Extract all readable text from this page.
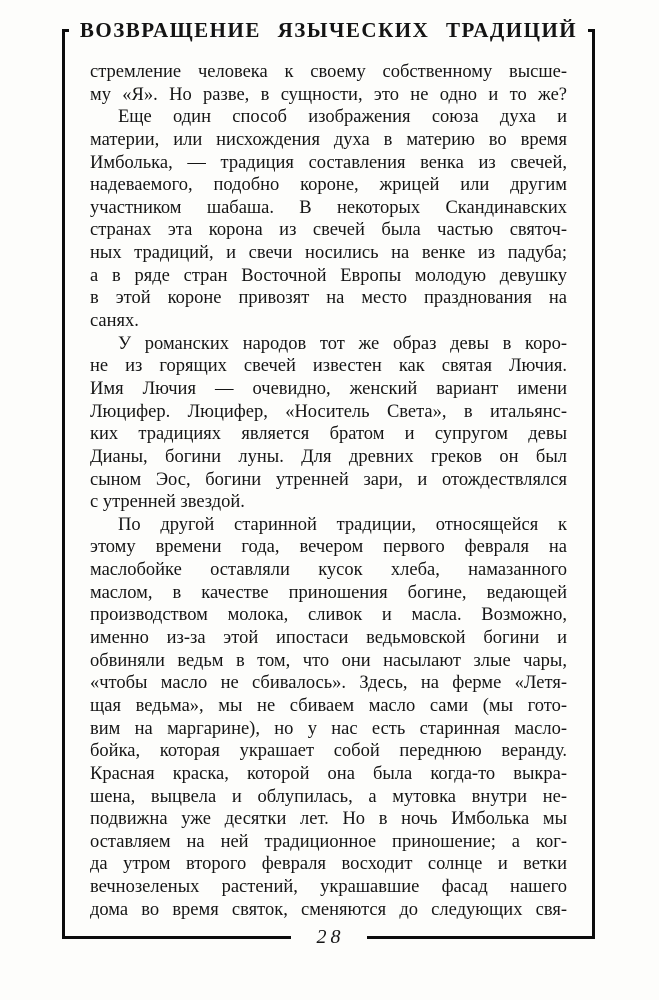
ВОЗВРАЩЕНИЕ ЯЗЫЧЕСКИХ ТРАДИЦИЙ
стремление человека к своему собственному высше-
му «Я». Но разве, в сущности, это не одно и то же?
Еще один способ изображения союза духа и
материи, или нисхождения духа в материю во время
Имболька, — традиция составления венка из свечей,
надеваемого, подобно короне, жрицей или другим
участником шабаша. В некоторых Скандинавских
странах эта корона из свечей была частью святоч-
ных традиций, и свечи носились на венке из падуба;
а в ряде стран Восточной Европы молодую девушку
в этой короне привозят на место празднования на
санях.
У романских народов тот же образ девы в коро-
не из горящих свечей известен как святая Лючия.
Имя Лючия — очевидно, женский вариант имени
Люцифер. Люцифер, «Носитель Света», в итальянс-
ких традициях является братом и супругом девы
Дианы, богини луны. Для древних греков он был
сыном Эос, богини утренней зари, и отождествлялся
с утренней звездой.
По другой старинной традиции, относящейся к
этому времени года, вечером первого февраля на
маслобойке оставляли кусок хлеба, намазанного
маслом, в качестве приношения богине, ведающей
производством молока, сливок и масла. Возможно,
именно из-за этой ипостаси ведьмовской богини и
обвиняли ведьм в том, что они насылают злые чары,
«чтобы масло не сбивалось». Здесь, на ферме «Летя-
щая ведьма», мы не сбиваем масло сами (мы гото-
вим на маргарине), но у нас есть старинная масло-
бойка, которая украшает собой переднюю веранду.
Красная краска, которой она была когда-то выкра-
шена, выцвела и облупилась, а мутовка внутри не-
подвижна уже десятки лет. Но в ночь Имболька мы
оставляем на ней традиционное приношение; а ког-
да утром второго февраля восходит солнце и ветки
вечнозеленых растений, украшавшие фасад нашего
дома во время святок, сменяются до следующих свя-
28
